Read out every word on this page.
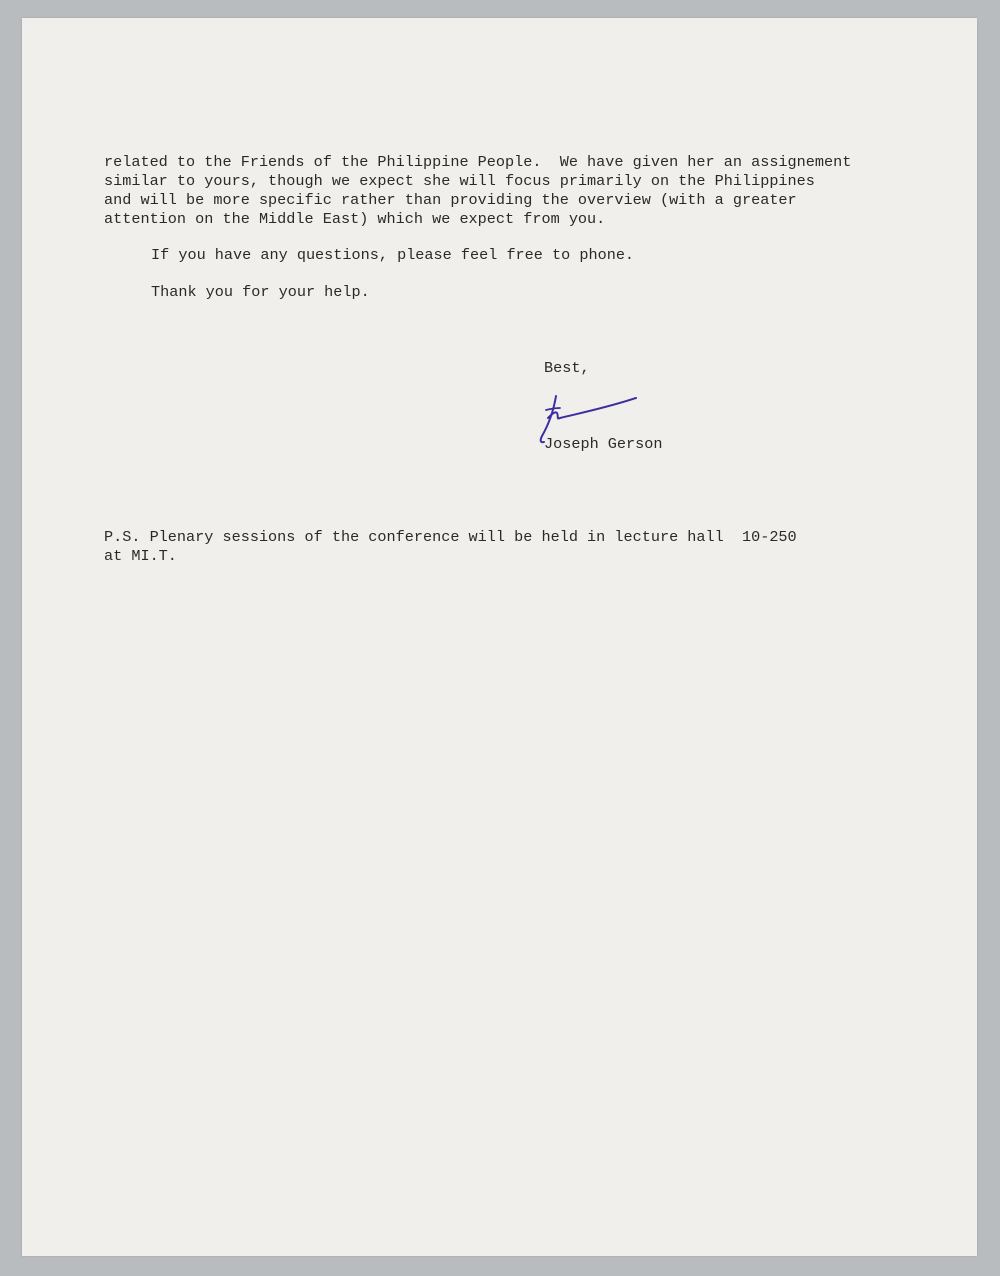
related to the Friends of the Philippine People.  We have given her an assignement

similar to yours, though we expect she will focus primarily on the Philippines

and will be more specific rather than providing the overview (with a greater

attention on the Middle East) which we expect from you.

If you have any questions, please feel free to phone.

Thank you for your help.

Best,

Joseph Gerson

P.S. Plenary sessions of the conference will be held in lecture hall  10-250

at MI.T.
